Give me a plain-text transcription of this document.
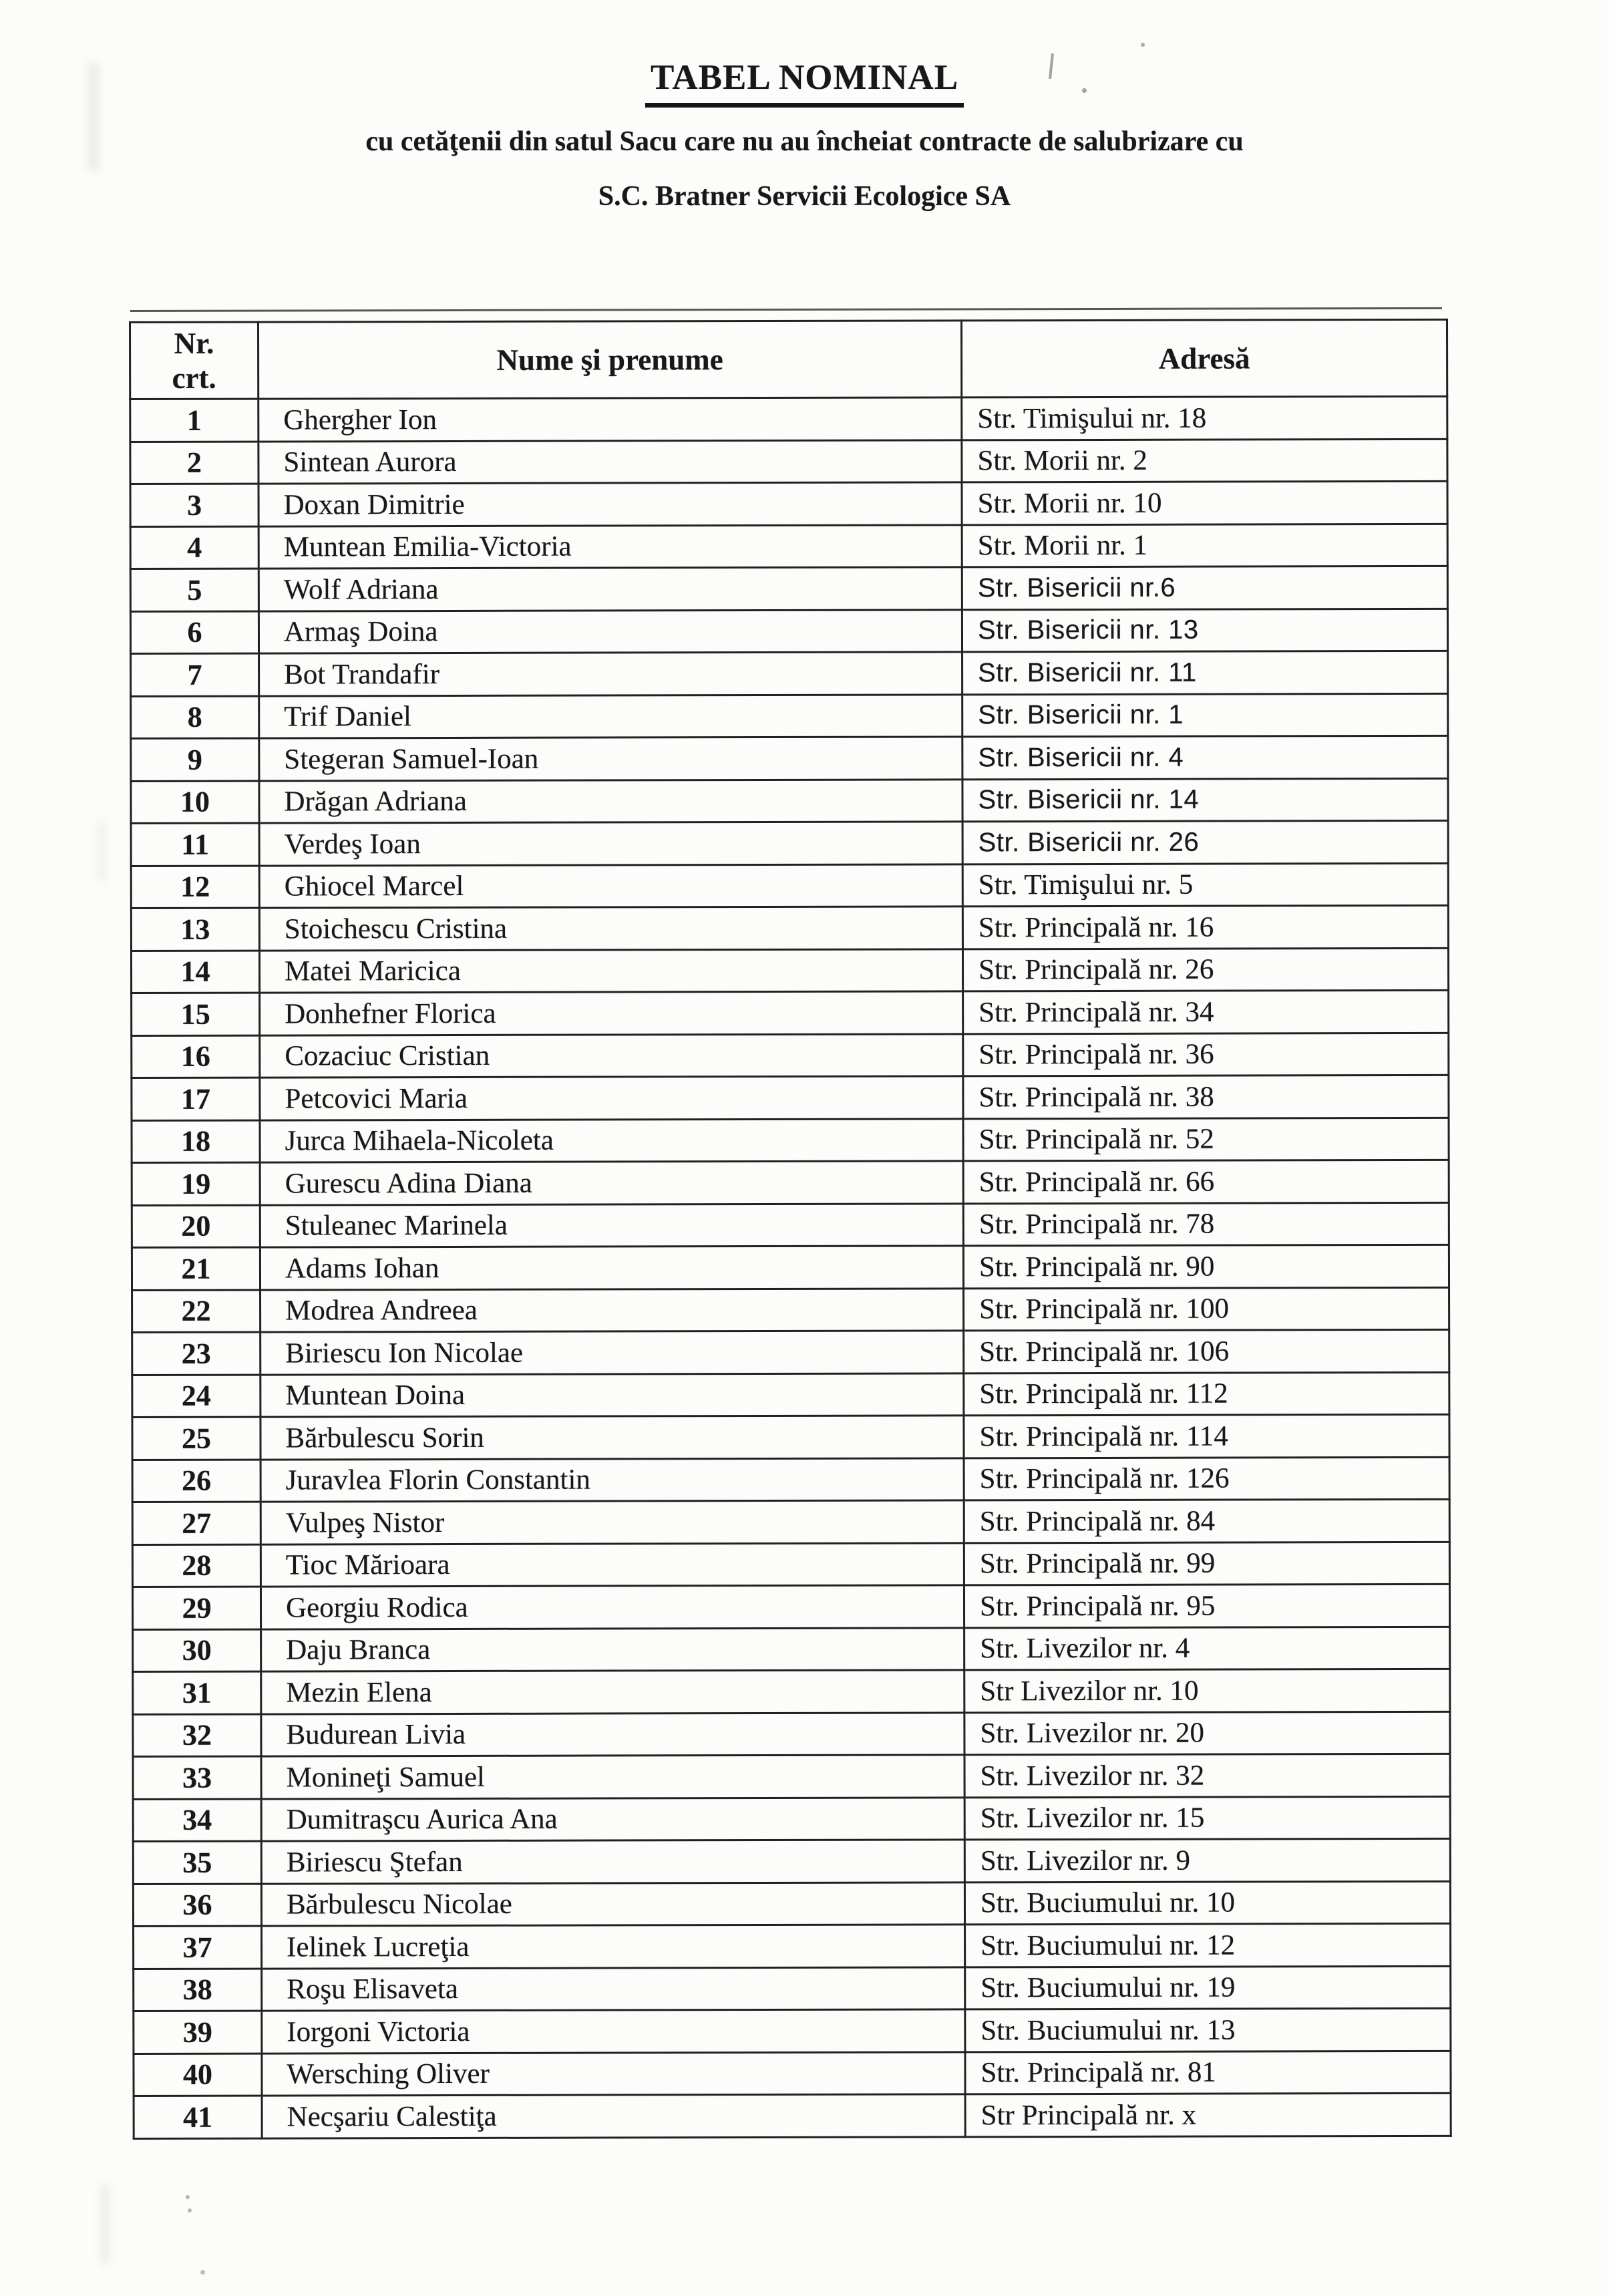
TABEL NOMINAL
cu cetăţenii din satul Sacu care nu au încheiat contracte de salubrizare cu
S.C. Bratner Servicii Ecologice SA
Nr.
crt.	Nume şi prenume	Adresă
1	Ghergher Ion	Str. Timişului nr. 18
2	Sintean Aurora	Str. Morii nr. 2
3	Doxan Dimitrie	Str. Morii nr. 10
4	Muntean Emilia-Victoria	Str. Morii nr. 1
5	Wolf Adriana	Str. Bisericii nr.6
6	Armaş Doina	Str. Bisericii nr. 13
7	Bot Trandafir	Str. Bisericii nr. 11
8	Trif Daniel	Str. Bisericii nr. 1
9	Stegeran Samuel-Ioan	Str. Bisericii nr. 4
10	Drăgan Adriana	Str. Bisericii nr. 14
11	Verdeş Ioan	Str. Bisericii nr. 26
12	Ghiocel Marcel	Str. Timişului nr. 5
13	Stoichescu Cristina	Str. Principală nr. 16
14	Matei Maricica	Str. Principală nr. 26
15	Donhefner Florica	Str. Principală nr. 34
16	Cozaciuc Cristian	Str. Principală nr. 36
17	Petcovici Maria	Str. Principală nr. 38
18	Jurca Mihaela-Nicoleta	Str. Principală nr. 52
19	Gurescu Adina Diana	Str. Principală nr. 66
20	Stuleanec Marinela	Str. Principală nr. 78
21	Adams Iohan	Str. Principală nr. 90
22	Modrea Andreea	Str. Principală nr. 100
23	Biriescu Ion Nicolae	Str. Principală nr. 106
24	Muntean Doina	Str. Principală nr. 112
25	Bărbulescu Sorin	Str. Principală nr. 114
26	Juravlea Florin Constantin	Str. Principală nr. 126
27	Vulpeş Nistor	Str. Principală nr. 84
28	Tioc Mărioara	Str. Principală nr. 99
29	Georgiu Rodica	Str. Principală nr. 95
30	Daju Branca	Str. Livezilor nr. 4
31	Mezin Elena	Str Livezilor nr. 10
32	Budurean Livia	Str. Livezilor nr. 20
33	Monineţi Samuel	Str. Livezilor nr. 32
34	Dumitraşcu Aurica Ana	Str. Livezilor nr. 15
35	Biriescu Ştefan	Str. Livezilor nr. 9
36	Bărbulescu Nicolae	Str. Buciumului nr. 10
37	Ielinek Lucreţia	Str. Buciumului nr. 12
38	Roşu Elisaveta	Str. Buciumului nr. 19
39	Iorgoni Victoria	Str. Buciumului nr. 13
40	Wersching Oliver	Str. Principală nr. 81
41	Necşariu Calestiţa	Str Principală nr. x
